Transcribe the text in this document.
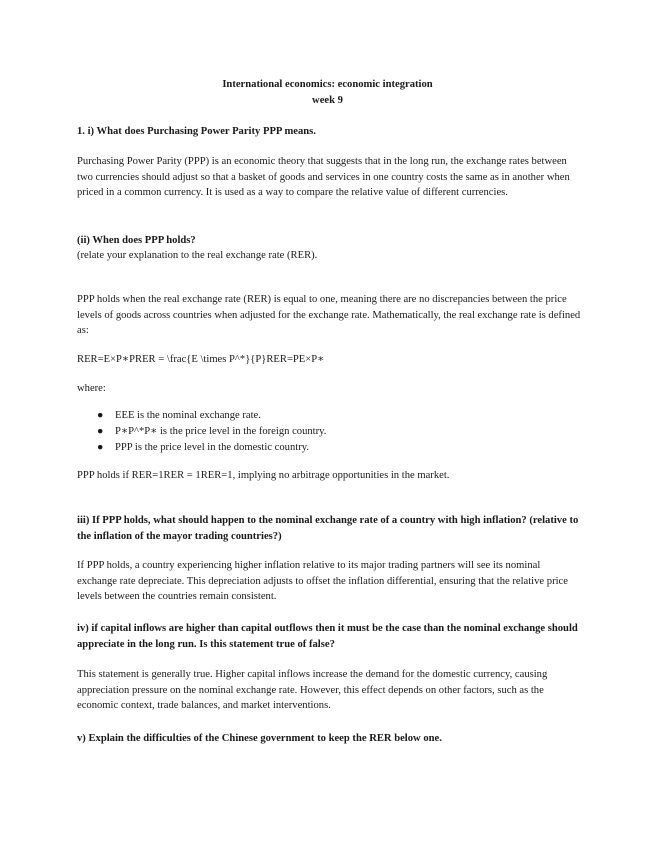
International economics: economic integration
week 9

1. i) What does Purchasing Power Parity PPP means.

Purchasing Power Parity (PPP) is an economic theory that suggests that in the long run, the exchange rates between two currencies should adjust so that a basket of goods and services in one country costs the same as in another when priced in a common currency. It is used as a way to compare the relative value of different currencies.

(ii) When does PPP holds?

(relate your explanation to the real exchange rate (RER).

PPP holds when the real exchange rate (RER) is equal to one, meaning there are no discrepancies between the price levels of goods across countries when adjusted for the exchange rate. Mathematically, the real exchange rate is defined as:

RER=E×P∗PRER = \frac{E \times P^*}{P}RER=PE×P∗

where:

● EEE is the nominal exchange rate.
● P∗P^*P∗ is the price level in the foreign country.
● PPP is the price level in the domestic country.

PPP holds if RER=1RER = 1RER=1, implying no arbitrage opportunities in the market.

iii) If PPP holds, what should happen to the nominal exchange rate of a country with high inflation? (relative to the inflation of the mayor trading countries?)

If PPP holds, a country experiencing higher inflation relative to its major trading partners will see its nominal exchange rate depreciate. This depreciation adjusts to offset the inflation differential, ensuring that the relative price levels between the countries remain consistent.

iv) if capital inflows are higher than capital outflows then it must be the case than the nominal exchange should appreciate in the long run. Is this statement true of false?

This statement is generally true. Higher capital inflows increase the demand for the domestic currency, causing appreciation pressure on the nominal exchange rate. However, this effect depends on other factors, such as the economic context, trade balances, and market interventions.

v) Explain the difficulties of the Chinese government to keep the RER below one.
